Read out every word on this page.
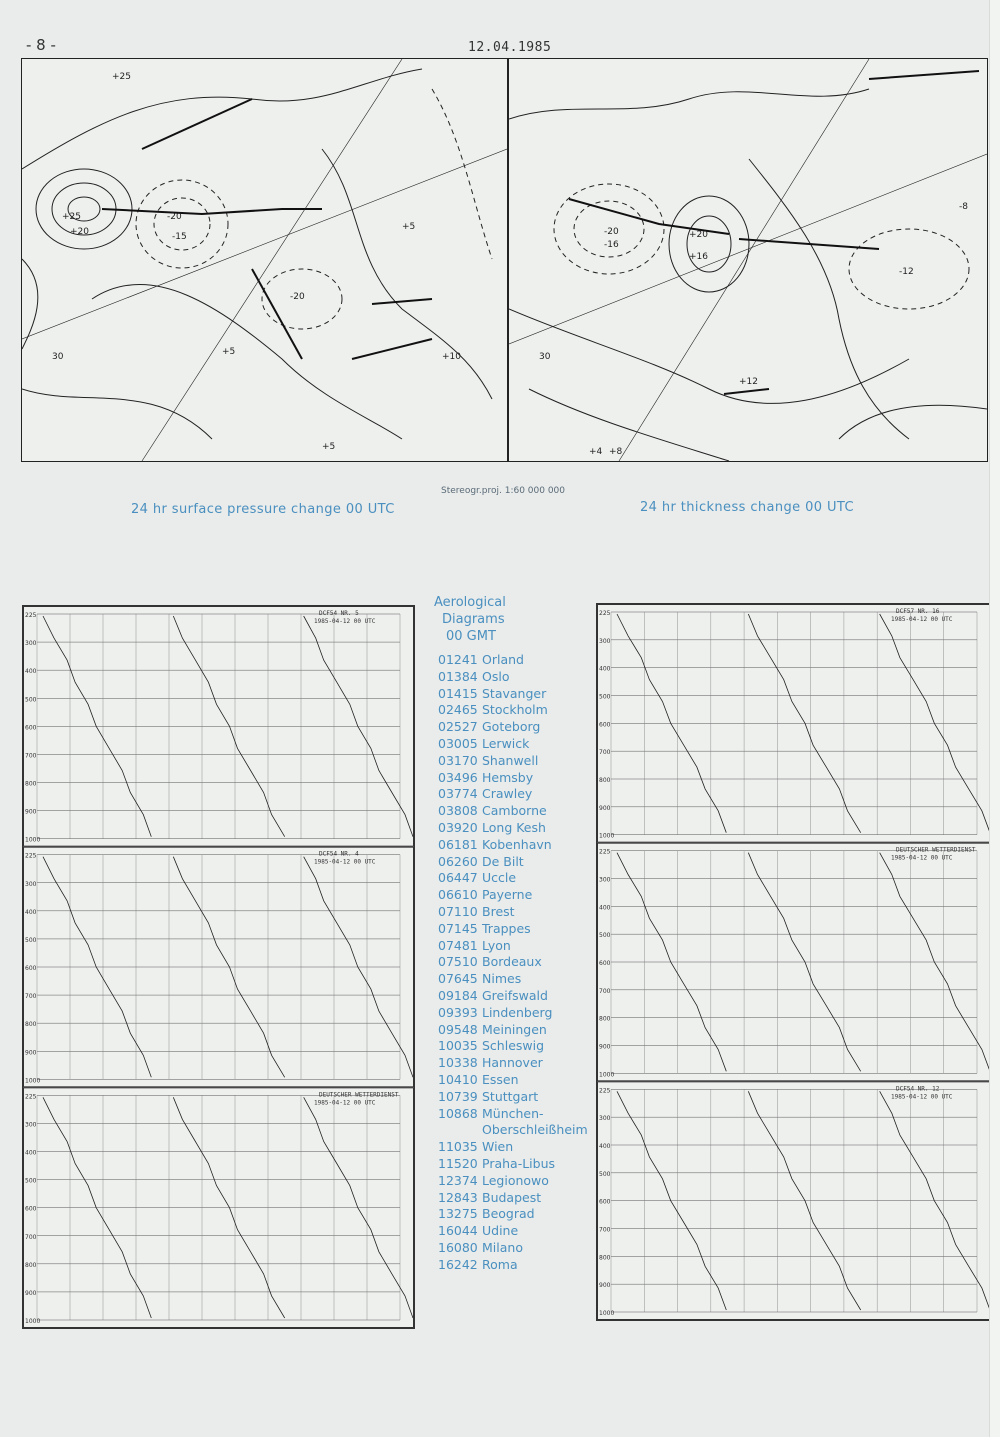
- 8 -	12.04.1985
+25
+20
-20
-15
-20
+5
+5
+10
30
+25
+5	-20
-16
+20
+16
-12
+12
30
+4 +8
-8
24 hr surface pressure change 00 UTC
Stereogr.proj. 1:60 000 000
24 hr thickness change 00 UTC
225
300
400
500
600
700
800
900
1000
DCF54 NR. 5
1985-04-12 00 UTC
225
300
400
500
600
700
800
900
1000
DCF54 NR. 4
1985-04-12 00 UTC
225
300
400
500
600
700
800
900
1000
DEUTSCHER WETTERDIENST
1985-04-12 00 UTC
225
300
400
500
600
700
800
900
1000
DCF57 NR. 16
1985-04-12 00 UTC
225
300
400
500
600
700
800
900
1000
DEUTSCHER WETTERDIENST
1985-04-12 00 UTC
225
300
400
500
600
700
800
900
1000
DCF54 NR. 12
1985-04-12 00 UTC
Aerological
Diagrams
00 GMT
01241 Orland
01384 Oslo
01415 Stavanger
02465 Stockholm
02527 Goteborg
03005 Lerwick
03170 Shanwell
03496 Hemsby
03774 Crawley
03808 Camborne
03920 Long Kesh
06181 Kobenhavn
06260 De Bilt
06447 Uccle
06610 Payerne
07110 Brest
07145 Trappes
07481 Lyon
07510 Bordeaux
07645 Nimes
09184 Greifswald
09393 Lindenberg
09548 Meiningen
10035 Schleswig
10338 Hannover
10410 Essen
10739 Stuttgart
10868 München-
Oberschleißheim
11035 Wien
11520 Praha-Libus
12374 Legionowo
12843 Budapest
13275 Beograd
16044 Udine
16080 Milano
16242 Roma
